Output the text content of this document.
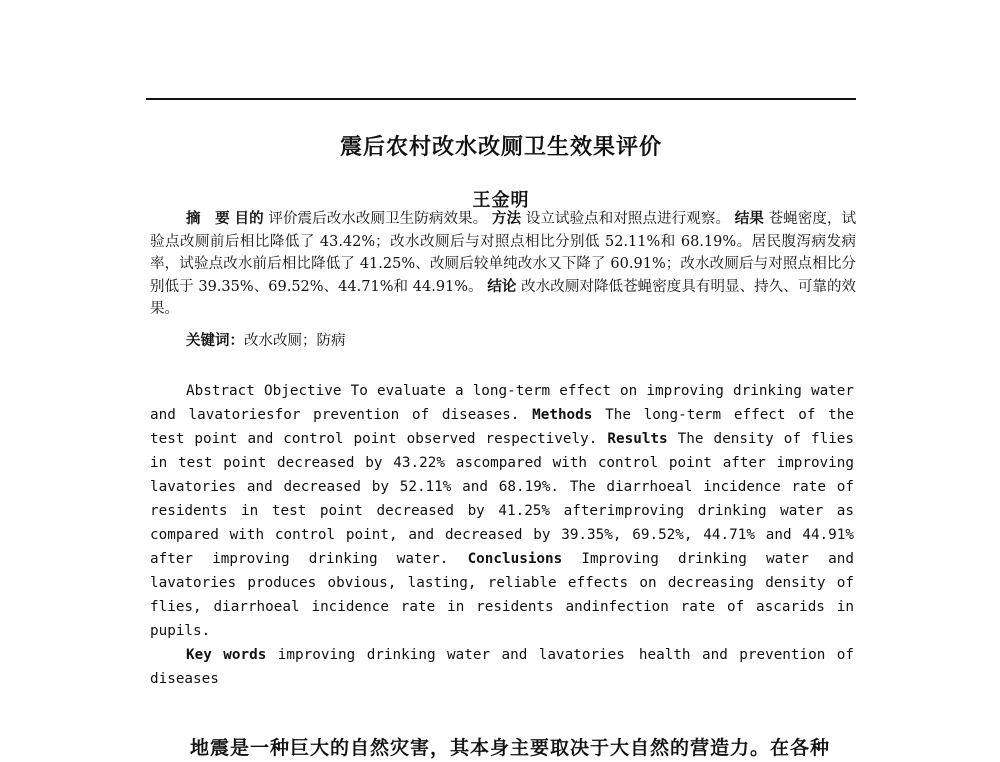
震后农村改水改厕卫生效果评价
王金明
摘　要 目的 评价震后改水改厕卫生防病效果。 方法 设立试验点和对照点进行观察。 结果 苍蝇密度，试验点改厕前后相比降低了 43.42%；改水改厕后与对照点相比分别低 52.11%和 68.19%。居民腹泻病发病率，试验点改水前后相比降低了 41.25%、改厕后较单纯改水又下降了 60.91%；改水改厕后与对照点相比分别低于 39.35%、69.52%、44.71%和 44.91%。 结论 改水改厕对降低苍蝇密度具有明显、持久、可靠的效果。
关键词：改水改厕；防病
Abstract Objective To evaluate a long-term effect on improving drinking water and lavatoriesfor prevention of diseases. Methods The long-term effect of the test point and control point observed respectively. Results The density of flies in test point decreased by 43.22% ascompared with control point after improving lavatories and decreased by 52.11% and 68.19%. The diarrhoeal incidence rate of residents in test point decreased by 41.25% afterimproving drinking water as compared with control point, and decreased by 39.35%, 69.52%, 44.71% and 44.91% after improving drinking water. Conclusions Improving drinking water and lavatories produces obvious, lasting, reliable effects on decreasing density of flies, diarrhoeal incidence rate in residents andinfection rate of ascarids in pupils.
Key words improving drinking water and lavatories health and prevention of diseases
地震是一种巨大的自然灾害，其本身主要取决于大自然的营造力。在各种
